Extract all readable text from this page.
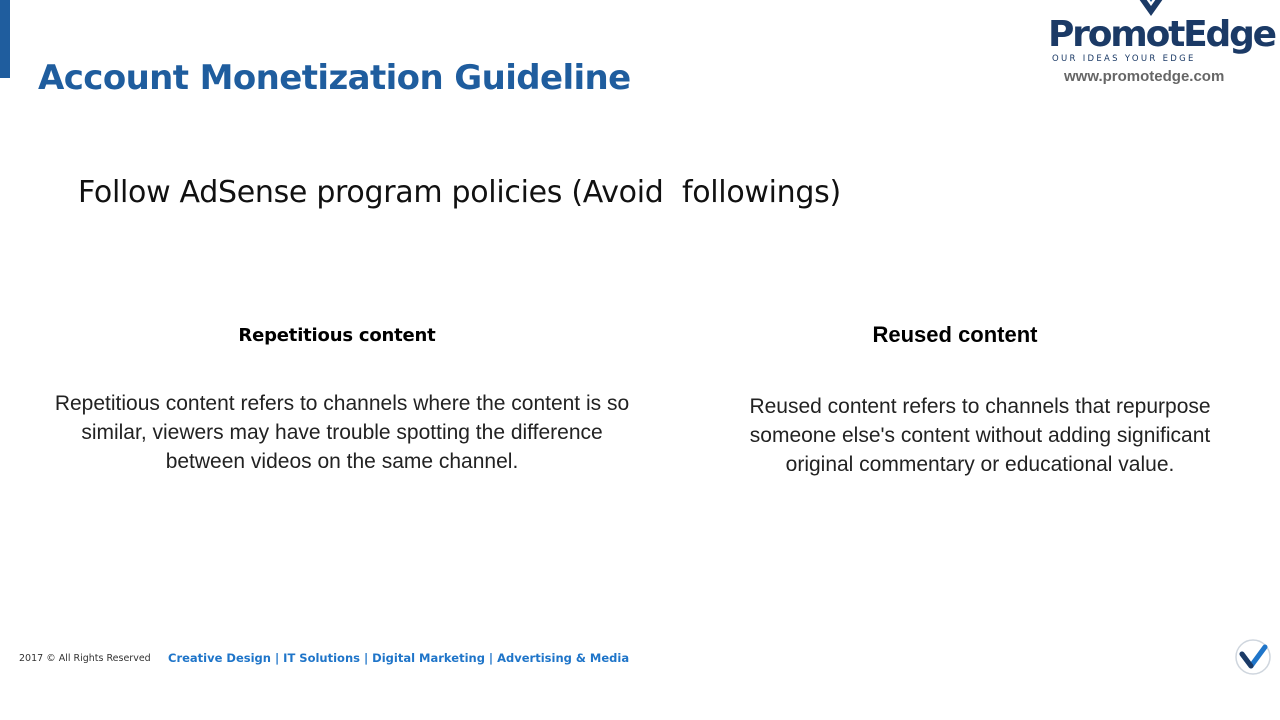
Account Monetization Guideline
PromotEdge
OUR IDEAS YOUR EDGE
www.promotedge.com
Follow AdSense program policies (Avoid  followings)
Repetitious content

Repetitious content refers to channels where the content is so similar, viewers may have trouble spotting the difference between videos on the same channel.

Reused content

Reused content refers to channels that repurpose someone else's content without adding significant original commentary or educational value.

2017 © All Rights Reserved Creative Design | IT Solutions | Digital Marketing | Advertising & Media
